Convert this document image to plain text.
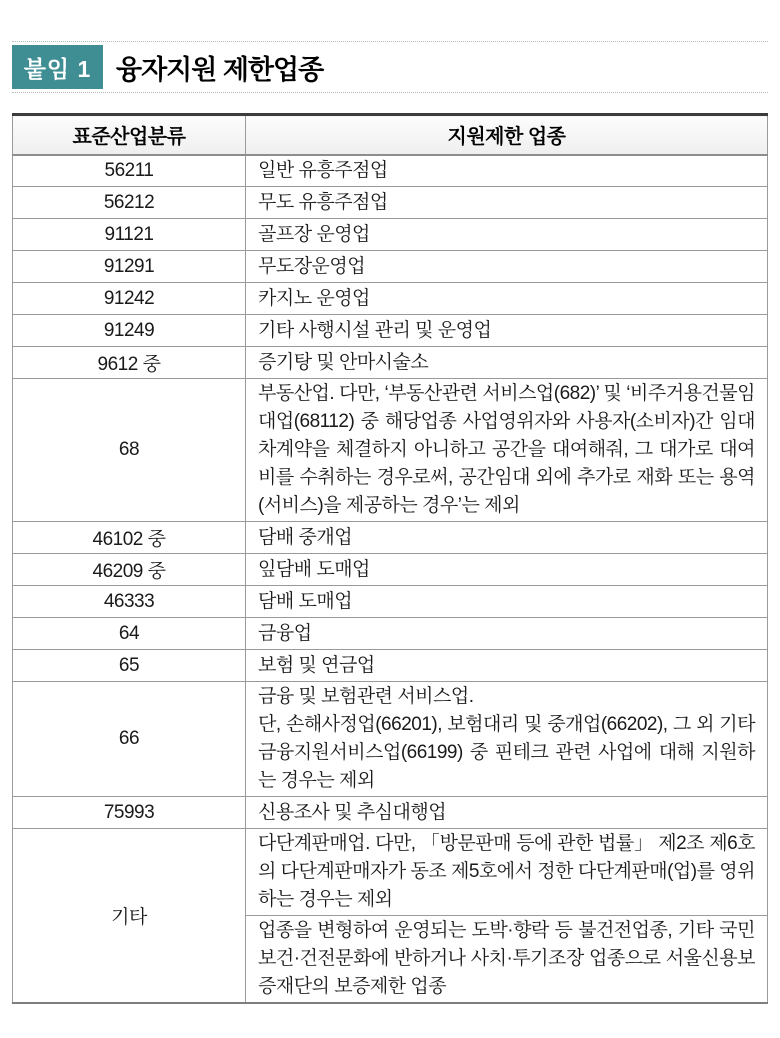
붙임 1 융자지원 제한업종
표준산업분류	지원제한 업종
56211	일반 유흥주점업

56212	무도 유흥주점업

91121	골프장 운영업

91291	무도장운영업

91242	카지노 운영업

91249	기타 사행시설 관리 및 운영업

9612 중	증기탕 및 안마시술소

68	부동산업. 다만, ‘부동산관련 서비스업(682)’ 및 ‘비주거용건물임대업(68112) 중 해당업종 사업영위자와 사용자(소비자)간 임대차계약을 체결하지 아니하고 공간을 대여해줘, 그 대가로 대여비를 수취하는 경우로써, 공간임대 외에 추가로 재화 또는 용역(서비스)을 제공하는 경우’는 제외

46102 중	담배 중개업

46209 중	잎담배 도매업

46333	담배 도매업

64	금융업

65	보험 및 연금업

66	금융 및 보험관련 서비스업.
단, 손해사정업(66201), 보험대리 및 중개업(66202), 그 외 기타 금융지원서비스업(66199) 중 핀테크 관련 사업에 대해 지원하는 경우는 제외

75993	신용조사 및 추심대행업

기타	다단계판매업. 다만, 「방문판매 등에 관한 법률」 제2조 제6호의 다단계판매자가 동조 제5호에서 정한 다단계판매(업)를 영위하는 경우는 제외

	업종을 변형하여 운영되는 도박·향락 등 불건전업종, 기타 국민보건·건전문화에 반하거나 사치·투기조장 업종으로 서울신용보증재단의 보증제한 업종
